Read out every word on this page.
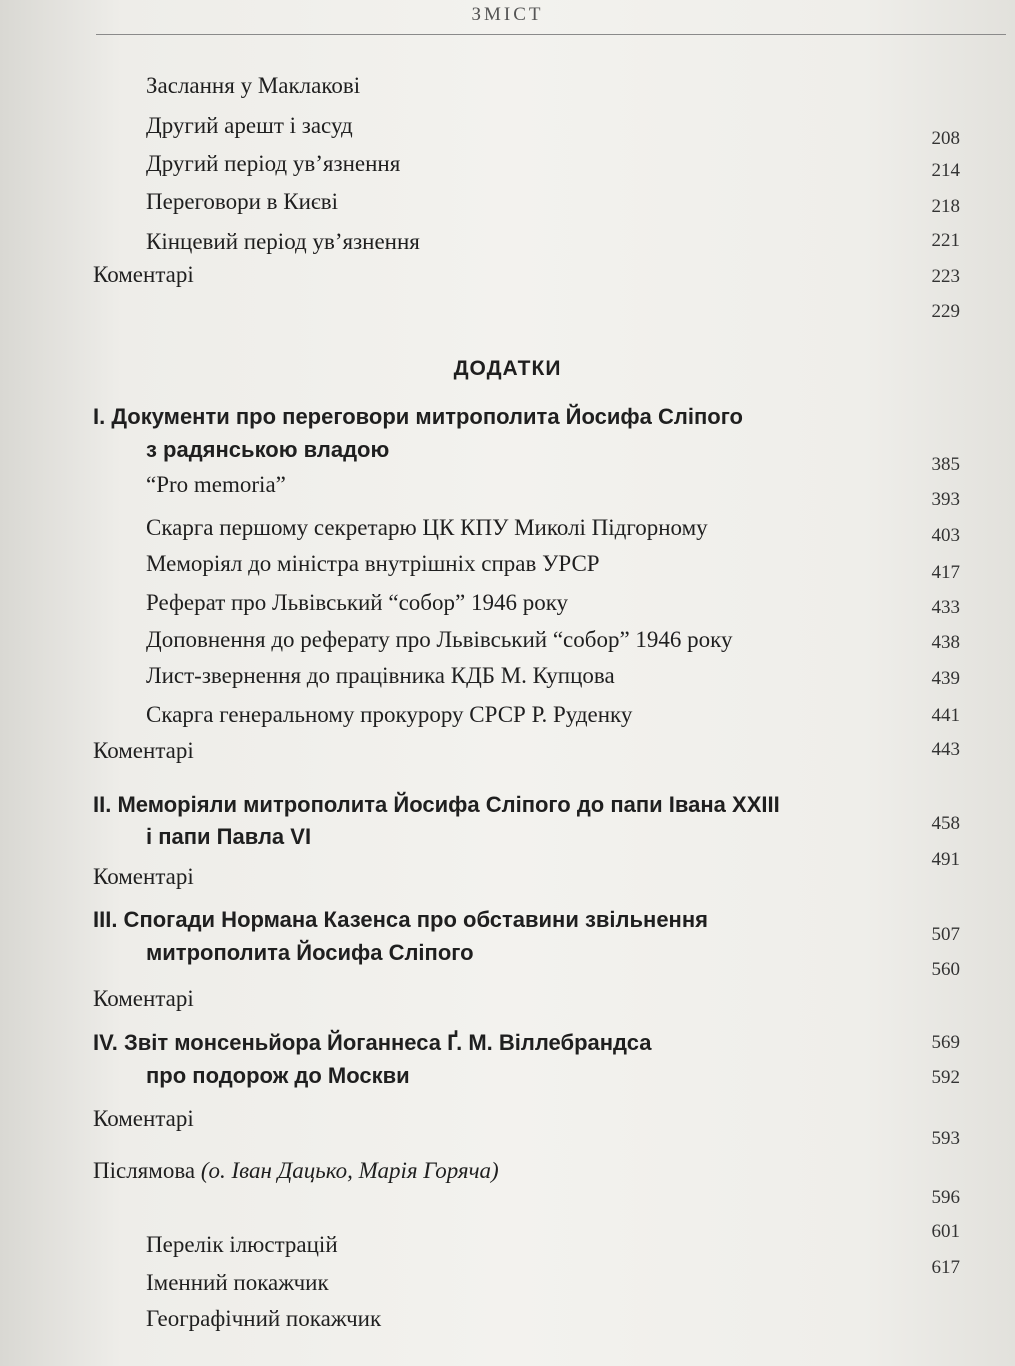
ЗМІСТ
Заслання у Маклакові
Другий арешт і засуд
Другий період ув’язнення
Переговори в Києві
Кінцевий період ув’язнення
Коментарі
208
214
218
221
223
229
ДОДАТКИ
І. Документи про переговори митрополита Йосифа Сліпого
з радянською владою
“Pro memoria”
Скарга першому секретарю ЦК КПУ Миколі Підгорному
Меморіял до міністра внутрішніх справ УРСР
Реферат про Львівський “собор” 1946 року
Доповнення до реферату про Львівський “собор” 1946 року
Лист-звернення до працівника КДБ М. Купцова
Скарга генеральному прокурору СРСР Р. Руденку
Коментарі
385
393
403
417
433
438
439
441
443
ІІ. Меморіяли митрополита Йосифа Сліпого до папи Івана ХХІІІ
і папи Павла VI
Коментарі
458
491
ІІІ. Спогади Нормана Казенса про обставини звільнення
митрополита Йосифа Сліпого
Коментарі
507
560
IV. Звіт монсеньйора Йоганнеса Ґ. М. Віллебрандса
про подорож до Москви
Коментарі
569
592
593
Післямова (о. Іван Дацько, Марія Горяча)
596
Перелік ілюстрацій
Іменний покажчик
Географічний покажчик
601
617
